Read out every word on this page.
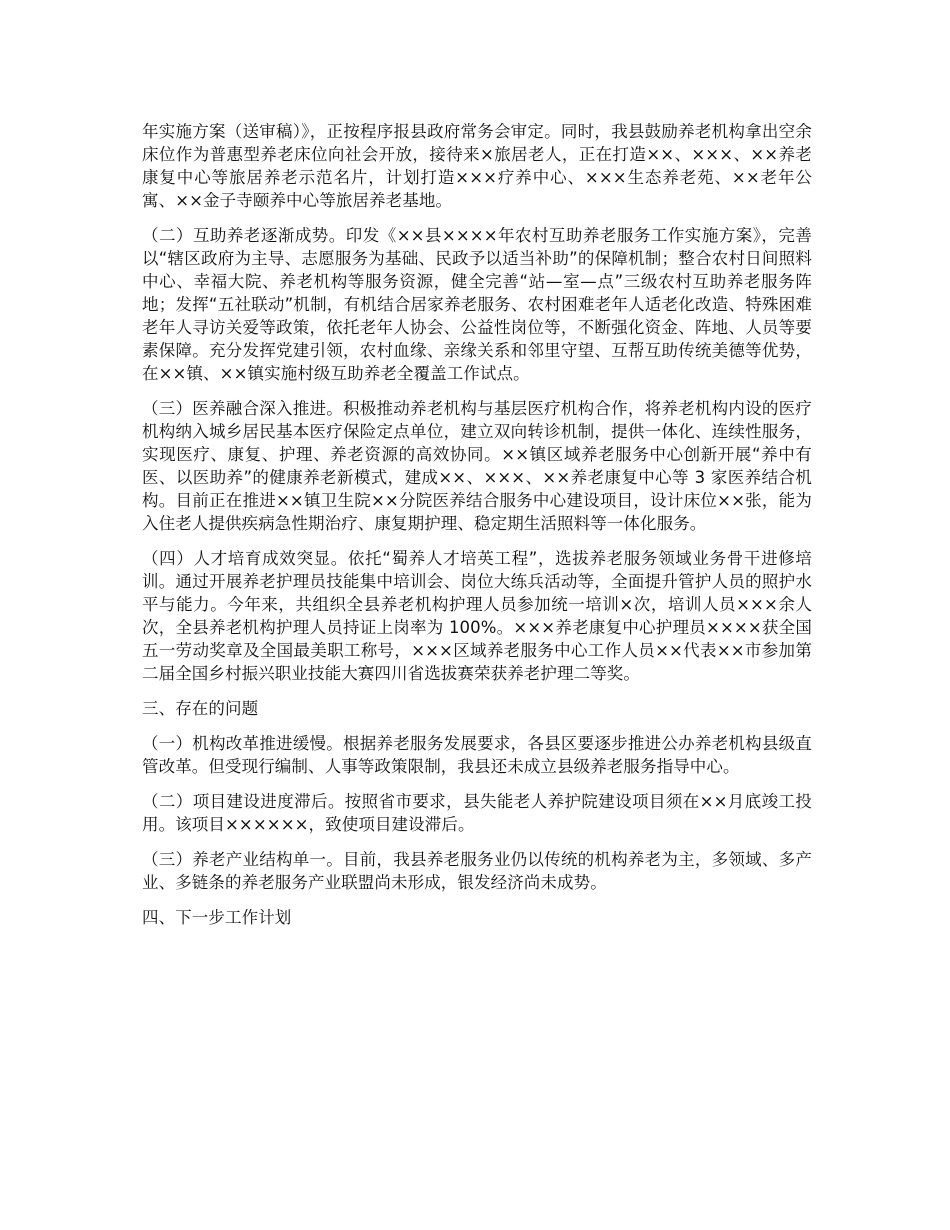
年实施方案（送审稿）》，正按程序报县政府常务会审定。同时，我县鼓励养老机构拿出空余床位作为普惠型养老床位向社会开放，接待来×旅居老人，正在打造××、×××、××养老康复中心等旅居养老示范名片，计划打造×××疗养中心、×××生态养老苑、××老年公寓、××金子寺颐养中心等旅居养老基地。

（二）互助养老逐渐成势。印发《××县××××年农村互助养老服务工作实施方案》，完善以“辖区政府为主导、志愿服务为基础、民政予以适当补助”的保障机制；整合农村日间照料中心、幸福大院、养老机构等服务资源，健全完善“站—室—点”三级农村互助养老服务阵地；发挥“五社联动”机制，有机结合居家养老服务、农村困难老年人适老化改造、特殊困难老年人寻访关爱等政策，依托老年人协会、公益性岗位等，不断强化资金、阵地、人员等要素保障。充分发挥党建引领，农村血缘、亲缘关系和邻里守望、互帮互助传统美德等优势，在××镇、××镇实施村级互助养老全覆盖工作试点。

（三）医养融合深入推进。积极推动养老机构与基层医疗机构合作，将养老机构内设的医疗机构纳入城乡居民基本医疗保险定点单位，建立双向转诊机制，提供一体化、连续性服务，实现医疗、康复、护理、养老资源的高效协同。××镇区域养老服务中心创新开展“养中有医、以医助养”的健康养老新模式，建成××、×××、××养老康复中心等 3 家医养结合机构。目前正在推进××镇卫生院××分院医养结合服务中心建设项目，设计床位××张，能为入住老人提供疾病急性期治疗、康复期护理、稳定期生活照料等一体化服务。

（四）人才培育成效突显。依托“蜀养人才培英工程”，选拔养老服务领域业务骨干进修培训。通过开展养老护理员技能集中培训会、岗位大练兵活动等，全面提升管护人员的照护水平与能力。今年来，共组织全县养老机构护理人员参加统一培训×次，培训人员×××余人次，全县养老机构护理人员持证上岗率为 100%。×××养老康复中心护理员××××获全国五一劳动奖章及全国最美职工称号，×××区域养老服务中心工作人员××代表××市参加第二届全国乡村振兴职业技能大赛四川省选拔赛荣获养老护理二等奖。

三、存在的问题

（一）机构改革推进缓慢。根据养老服务发展要求，各县区要逐步推进公办养老机构县级直管改革。但受现行编制、人事等政策限制，我县还未成立县级养老服务指导中心。

（二）项目建设进度滞后。按照省市要求，县失能老人养护院建设项目须在××月底竣工投用。该项目××××××，致使项目建设滞后。

（三）养老产业结构单一。目前，我县养老服务业仍以传统的机构养老为主，多领域、多产业、多链条的养老服务产业联盟尚未形成，银发经济尚未成势。

四、下一步工作计划
